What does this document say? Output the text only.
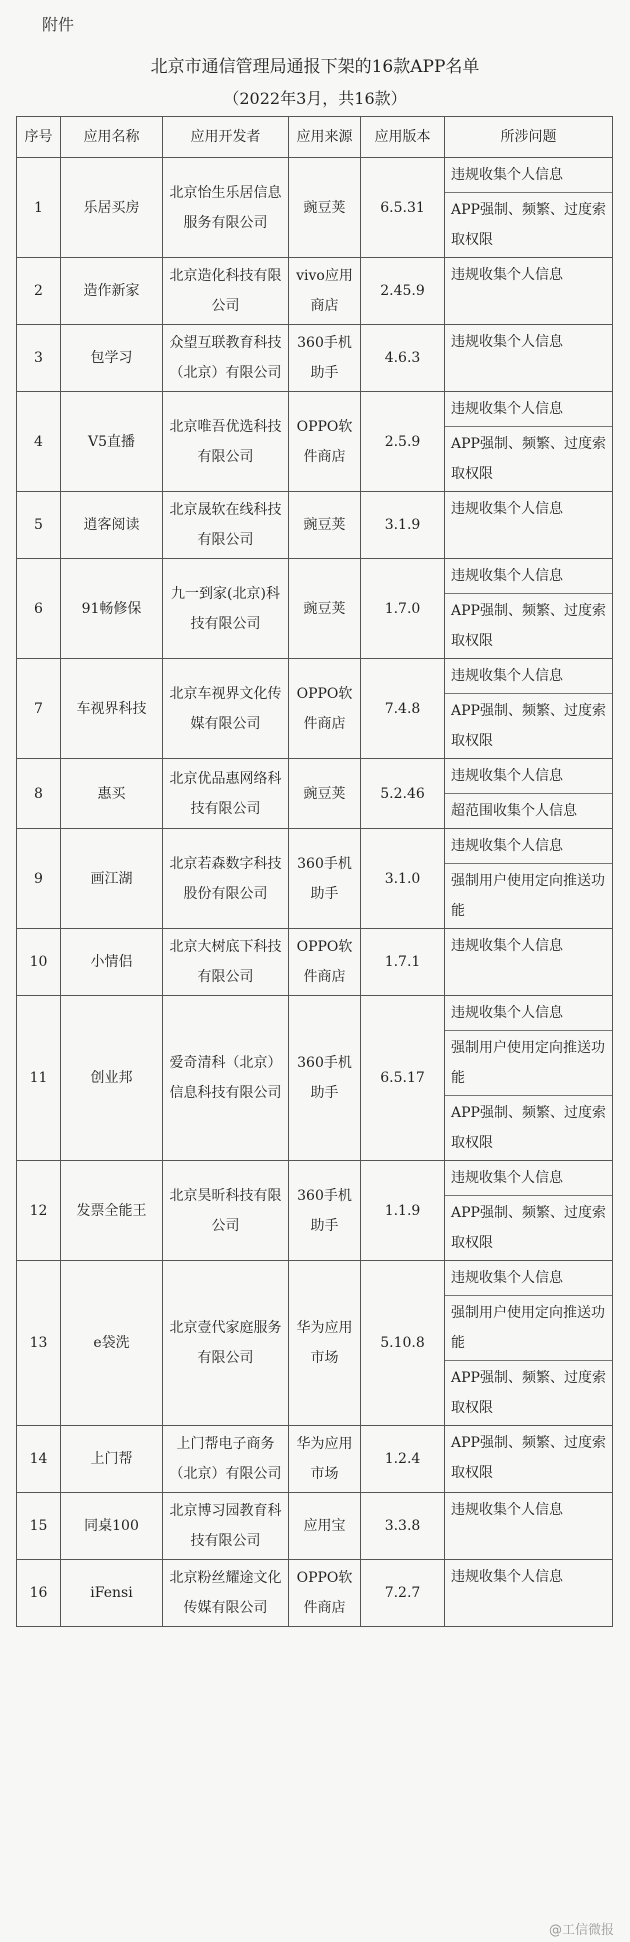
附件
北京市通信管理局通报下架的16款APP名单
（2022年3月，共16款）
序号	应用名称	应用开发者	应用来源	应用版本	所涉问题
1	乐居买房	北京怡生乐居信息服务有限公司	豌豆荚	6.5.31	违规收集个人信息
APP强制、频繁、过度索取权限

2	造作新家	北京造化科技有限公司	vivo应用商店	2.45.9	违规收集个人信息

3	包学习	众望互联教育科技（北京）有限公司	360手机助手	4.6.3	违规收集个人信息

4	V5直播	北京唯吾优选科技有限公司	OPPO软件商店	2.5.9	违规收集个人信息
APP强制、频繁、过度索取权限

5	逍客阅读	北京晟软在线科技有限公司	豌豆荚	3.1.9	违规收集个人信息

6	91畅修保	九一到家(北京)科技有限公司	豌豆荚	1.7.0	违规收集个人信息
APP强制、频繁、过度索取权限

7	车视界科技	北京车视界文化传媒有限公司	OPPO软件商店	7.4.8	违规收集个人信息
APP强制、频繁、过度索取权限

8	惠买	北京优品惠网络科技有限公司	豌豆荚	5.2.46	违规收集个人信息
超范围收集个人信息

9	画江湖	北京若森数字科技股份有限公司	360手机助手	3.1.0	违规收集个人信息
强制用户使用定向推送功能

10	小情侣	北京大树底下科技有限公司	OPPO软件商店	1.7.1	违规收集个人信息

11	创业邦	爱奇清科（北京）信息科技有限公司	360手机助手	6.5.17	违规收集个人信息
强制用户使用定向推送功能
APP强制、频繁、过度索取权限

12	发票全能王	北京昊昕科技有限公司	360手机助手	1.1.9	违规收集个人信息
APP强制、频繁、过度索取权限

13	e袋洗	北京壹代家庭服务有限公司	华为应用市场	5.10.8	违规收集个人信息
强制用户使用定向推送功能
APP强制、频繁、过度索取权限

14	上门帮	上门帮电子商务（北京）有限公司	华为应用市场	1.2.4	APP强制、频繁、过度索取权限

15	同桌100	北京博习园教育科技有限公司	应用宝	3.3.8	违规收集个人信息

16	iFensi	北京粉丝耀途文化传媒有限公司	OPPO软件商店	7.2.7	违规收集个人信息
@工信微报
